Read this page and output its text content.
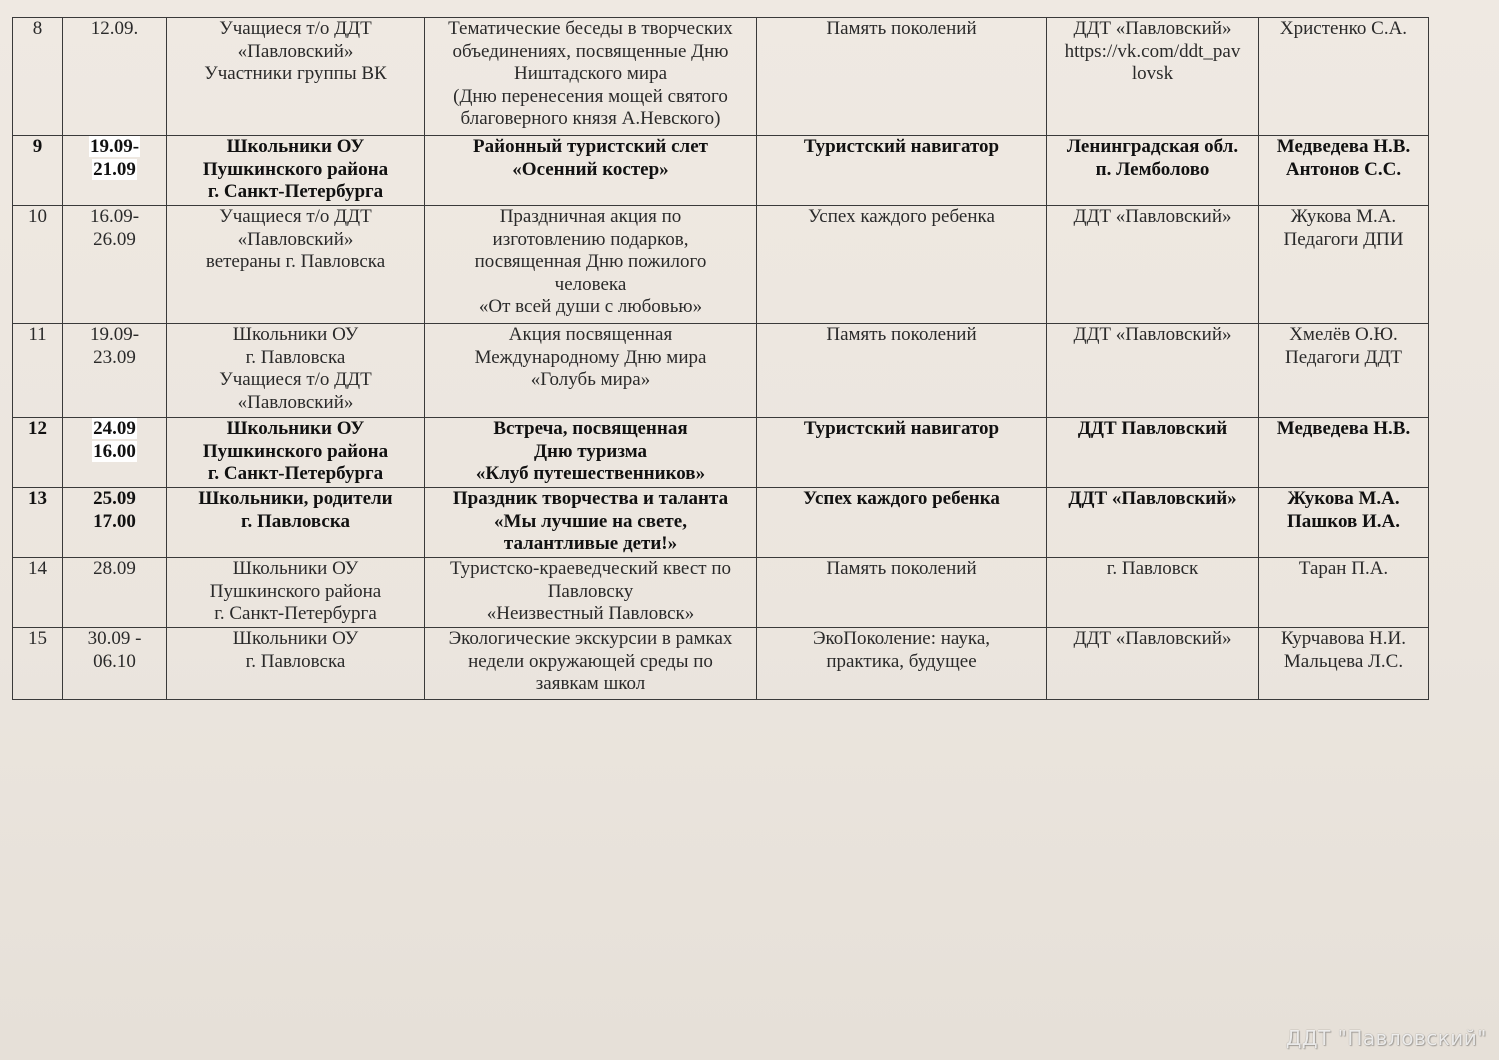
8	12.09.	Учащиеся т/о ДДТ
«Павловский»
Участники группы ВК	Тематические беседы в творческих
объединениях, посвященные Дню
Ништадского мира
(Дню перенесения мощей святого
благоверного князя А.Невского)	Память поколений	ДДТ «Павловский»
https://vk.com/ddt_pav
lovsk	Христенко С.А.

9	19.09-
21.09	Школьники ОУ
Пушкинского района
г. Санкт-Петербурга	Районный туристский слет
«Осенний костер»	Туристский навигатор	Ленинградская обл.
п. Лемболово	Медведева Н.В.
Антонов С.С.

10	16.09-
26.09	Учащиеся т/о ДДТ
«Павловский»
ветераны г. Павловска	Праздничная акция по
изготовлению подарков,
посвященная Дню пожилого
человека
«От всей души с любовью»	Успех каждого ребенка	ДДТ «Павловский»	Жукова М.А.
Педагоги ДПИ

11	19.09-
23.09	Школьники ОУ
г. Павловска
Учащиеся т/о ДДТ
«Павловский»	Акция посвященная
Международному Дню мира
«Голубь мира»	Память поколений	ДДТ «Павловский»	Хмелёв О.Ю.
Педагоги ДДТ

12	24.09
16.00	Школьники ОУ
Пушкинского района
г. Санкт-Петербурга	Встреча, посвященная
Дню туризма
«Клуб путешественников»	Туристский навигатор	ДДТ Павловский	Медведева Н.В.

13	25.09
17.00	Школьники, родители
г. Павловска	Праздник творчества и таланта
«Мы лучшие на свете,
талантливые дети!»	Успех каждого ребенка	ДДТ «Павловский»	Жукова М.А.
Пашков И.А.

14	28.09	Школьники ОУ
Пушкинского района
г. Санкт-Петербурга	Туристско-краеведческий квест по
Павловску
«Неизвестный Павловск»	Память поколений	г. Павловск	Таран П.А.

15	30.09 -
06.10	Школьники ОУ
г. Павловска	Экологические экскурсии в рамках
недели окружающей среды по
заявкам школ	ЭкоПоколение: наука,
практика, будущее	ДДТ «Павловский»	Курчавова Н.И.
Мальцева Л.С.
ДДТ "Павловский"
